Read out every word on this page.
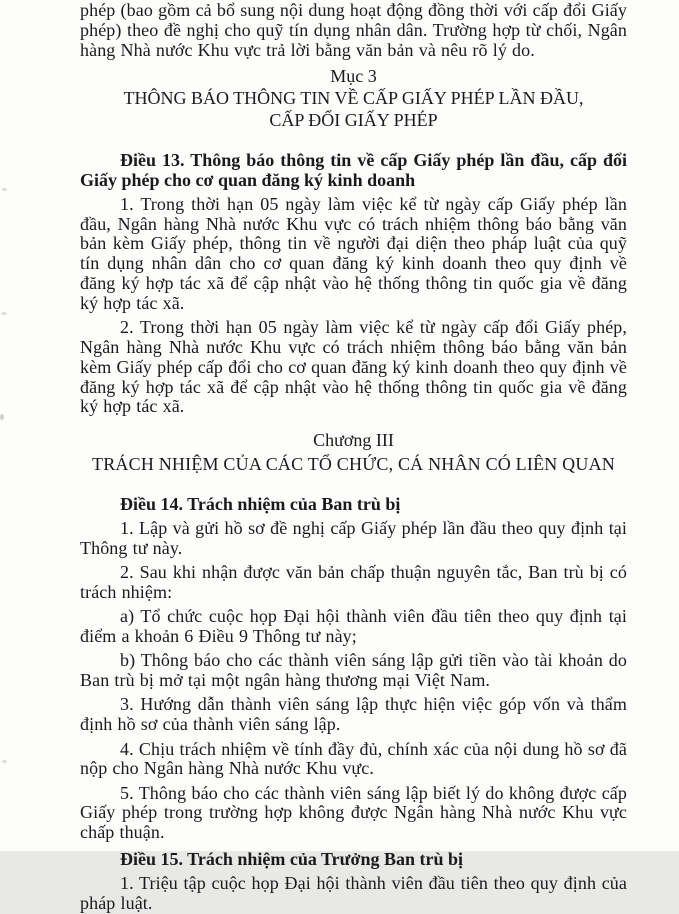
phép (bao gồm cả bổ sung nội dung hoạt động đồng thời với cấp đổi Giấy phép) theo đề nghị cho quỹ tín dụng nhân dân. Trường hợp từ chối, Ngân hàng Nhà nước Khu vực trả lời bằng văn bản và nêu rõ lý do.

Mục 3
THÔNG BÁO THÔNG TIN VỀ CẤP GIẤY PHÉP LẦN ĐẦU,
CẤP ĐỔI GIẤY PHÉP
Điều 13. Thông báo thông tin về cấp Giấy phép lần đầu, cấp đổi Giấy phép cho cơ quan đăng ký kinh doanh

1. Trong thời hạn 05 ngày làm việc kể từ ngày cấp Giấy phép lần đầu, Ngân hàng Nhà nước Khu vực có trách nhiệm thông báo bằng văn bản kèm Giấy phép, thông tin về người đại diện theo pháp luật của quỹ tín dụng nhân dân cho cơ quan đăng ký kinh doanh theo quy định về đăng ký hợp tác xã để cập nhật vào hệ thống thông tin quốc gia về đăng ký hợp tác xã.

2. Trong thời hạn 05 ngày làm việc kể từ ngày cấp đổi Giấy phép, Ngân hàng Nhà nước Khu vực có trách nhiệm thông báo bằng văn bản kèm Giấy phép cấp đổi cho cơ quan đăng ký kinh doanh theo quy định về đăng ký hợp tác xã để cập nhật vào hệ thống thông tin quốc gia về đăng ký hợp tác xã.

Chương III
TRÁCH NHIỆM CỦA CÁC TỔ CHỨC, CÁ NHÂN CÓ LIÊN QUAN
Điều 14. Trách nhiệm của Ban trù bị

1. Lập và gửi hồ sơ đề nghị cấp Giấy phép lần đầu theo quy định tại Thông tư này.

2. Sau khi nhận được văn bản chấp thuận nguyên tắc, Ban trù bị có trách nhiệm:

a) Tổ chức cuộc họp Đại hội thành viên đầu tiên theo quy định tại điểm a khoản 6 Điều 9 Thông tư này;

b) Thông báo cho các thành viên sáng lập gửi tiền vào tài khoản do Ban trù bị mở tại một ngân hàng thương mại Việt Nam.

3. Hướng dẫn thành viên sáng lập thực hiện việc góp vốn và thẩm định hồ sơ của thành viên sáng lập.

4. Chịu trách nhiệm về tính đầy đủ, chính xác của nội dung hồ sơ đã nộp cho Ngân hàng Nhà nước Khu vực.

5. Thông báo cho các thành viên sáng lập biết lý do không được cấp Giấy phép trong trường hợp không được Ngân hàng Nhà nước Khu vực chấp thuận.

Điều 15. Trách nhiệm của Trưởng Ban trù bị

1. Triệu tập cuộc họp Đại hội thành viên đầu tiên theo quy định của pháp luật.
